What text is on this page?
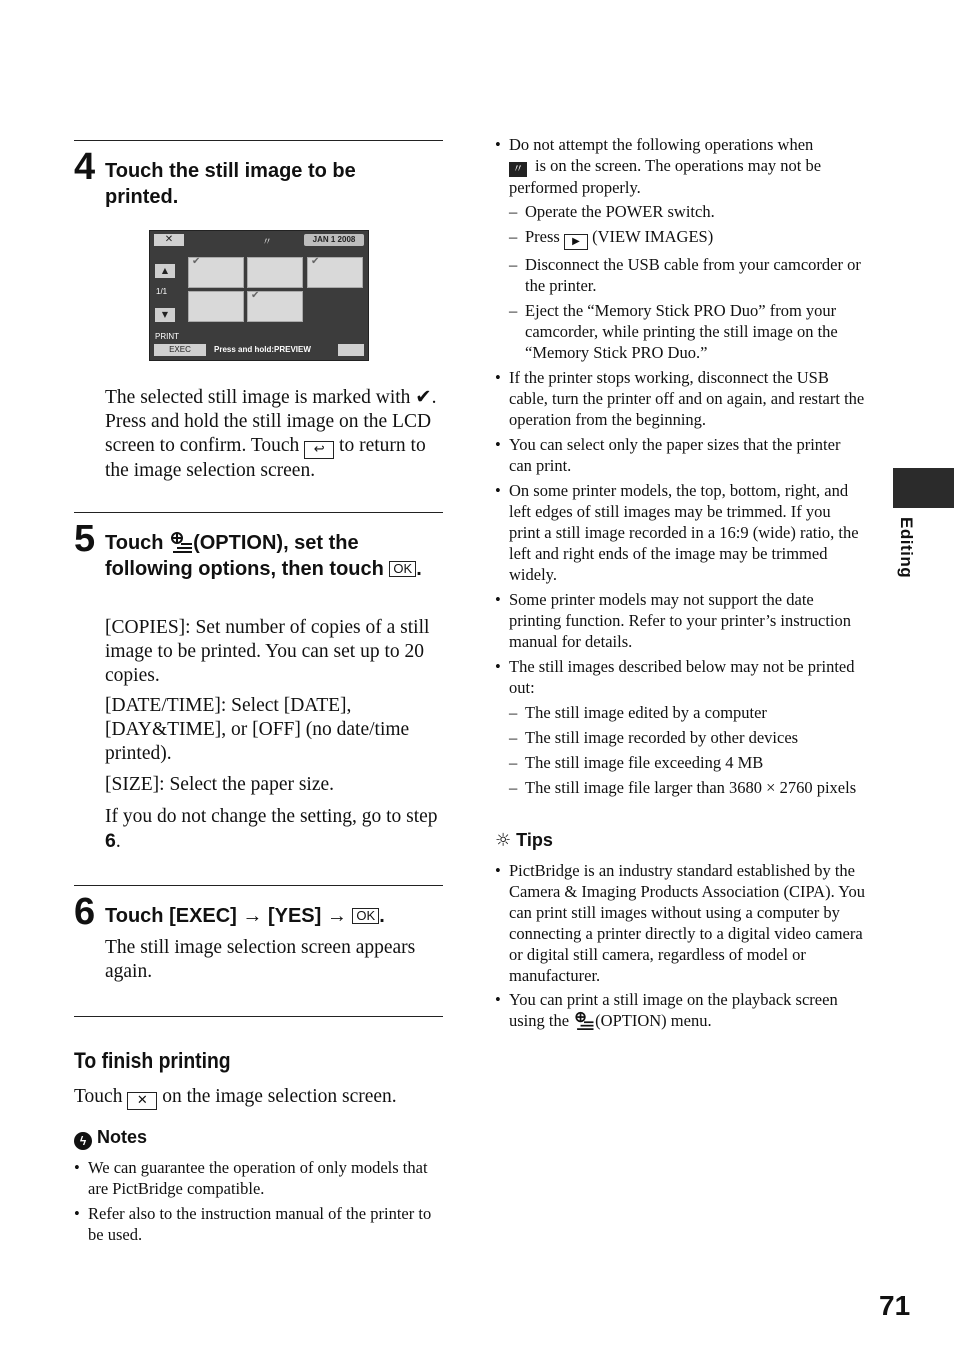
4 Touch the still image to be printed.
✕	〃	JAN 1 2008
▲
1/1
▼
✔	✔
✔
PRINT
EXEC	Press and hold:PREVIEW
The selected still image is marked with ✔. Press and hold the still image on the LCD screen to confirm. Touch ↩ to return to the image selection screen.
5 Touch (OPTION), set the following options, then touch OK .
[COPIES]: Set number of copies of a still image to be printed. You can set up to 20 copies.
[DATE/TIME]: Select [DATE], [DAY&TIME], or [OFF] (no date/time printed).
[SIZE]: Select the paper size.
If you do not change the setting, go to step 6.
6 Touch [EXEC] → [YES] → OK .
The still image selection screen appears again.
To finish printing
Touch ✕ on the image selection screen.
ϟ Notes
• We can guarantee the operation of only models that are PictBridge compatible.
• Refer also to the instruction manual of the printer to be used.
• Do not attempt the following operations when
〃 is on the screen. The operations may not be performed properly.
– Operate the POWER switch.
– Press ▶ (VIEW IMAGES)
– Disconnect the USB cable from your camcorder or the printer.
– Eject the “Memory Stick PRO Duo” from your camcorder, while printing the still image on the “Memory Stick PRO Duo.”
• If the printer stops working, disconnect the USB cable, turn the printer off and on again, and restart the operation from the beginning.
• You can select only the paper sizes that the printer can print.
• On some printer models, the top, bottom, right, and left edges of still images may be trimmed. If you print a still image recorded in a 16:9 (wide) ratio, the left and right ends of the image may be trimmed widely.
• Some printer models may not support the date printing function. Refer to your printer’s instruction manual for details.
• The still images described below may not be printed out:
– The still image edited by a computer
– The still image recorded by other devices
– The still image file exceeding 4 MB
– The still image file larger than 3680 × 2760 pixels
☼ Tips
• PictBridge is an industry standard established by the Camera & Imaging Products Association (CIPA). You can print still images without using a computer by connecting a printer directly to a digital video camera or digital still camera, regardless of model or manufacturer.
• You can print a still image on the playback screen using the (OPTION) menu.
Editing
71
